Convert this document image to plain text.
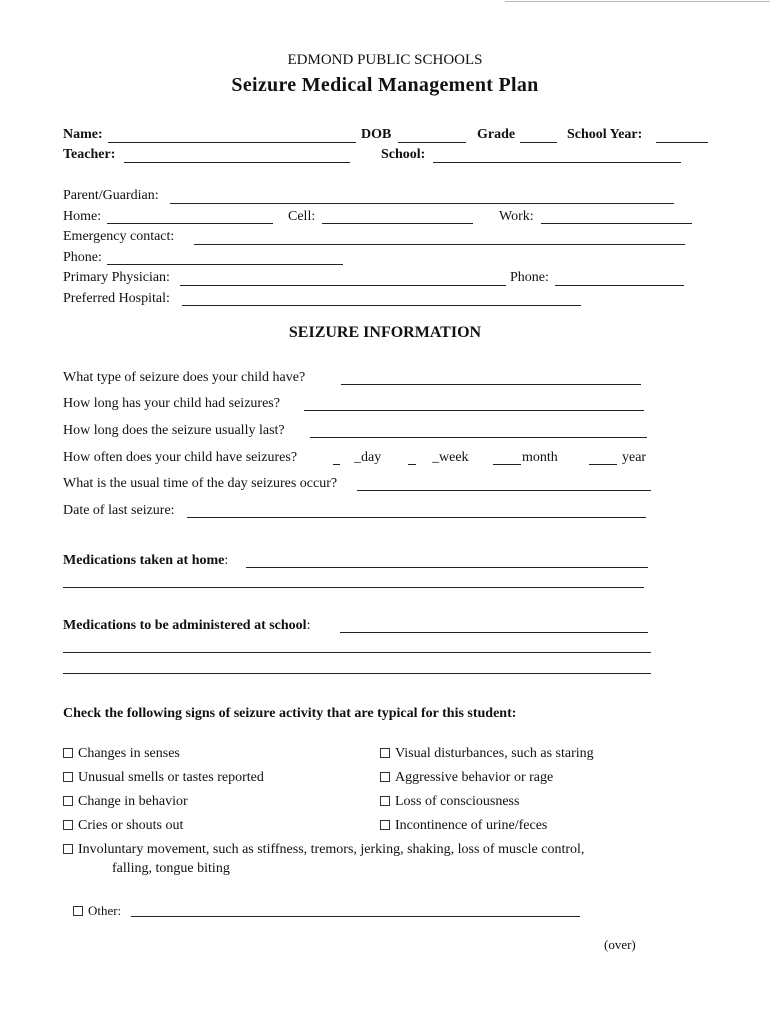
EDMOND PUBLIC SCHOOLS
Seizure Medical Management Plan
Name:	DOB	Grade	School Year:
Teacher:	School:
Parent/Guardian:
Home:	Cell:	Work:
Emergency contact:
Phone:
Primary Physician:	Phone:
Preferred Hospital:
SEIZURE INFORMATION
What type of seizure does your child have?
How long has your child had seizures?
How long does the seizure usually last?
How often does your child have seizures?	_day	_week	month	year
What is the usual time of the day seizures occur?
Date of last seizure:
Medications taken at home:
Medications to be administered at school:
Check the following signs of seizure activity that are typical for this student:
Changes in senses
Unusual smells or tastes reported
Change in behavior
Cries or shouts out
Visual disturbances, such as staring
Aggressive behavior or rage
Loss of consciousness
Incontinence of urine/feces
Involuntary movement, such as stiffness, tremors, jerking, shaking, loss of muscle control,
falling, tongue biting
Other:
(over)
